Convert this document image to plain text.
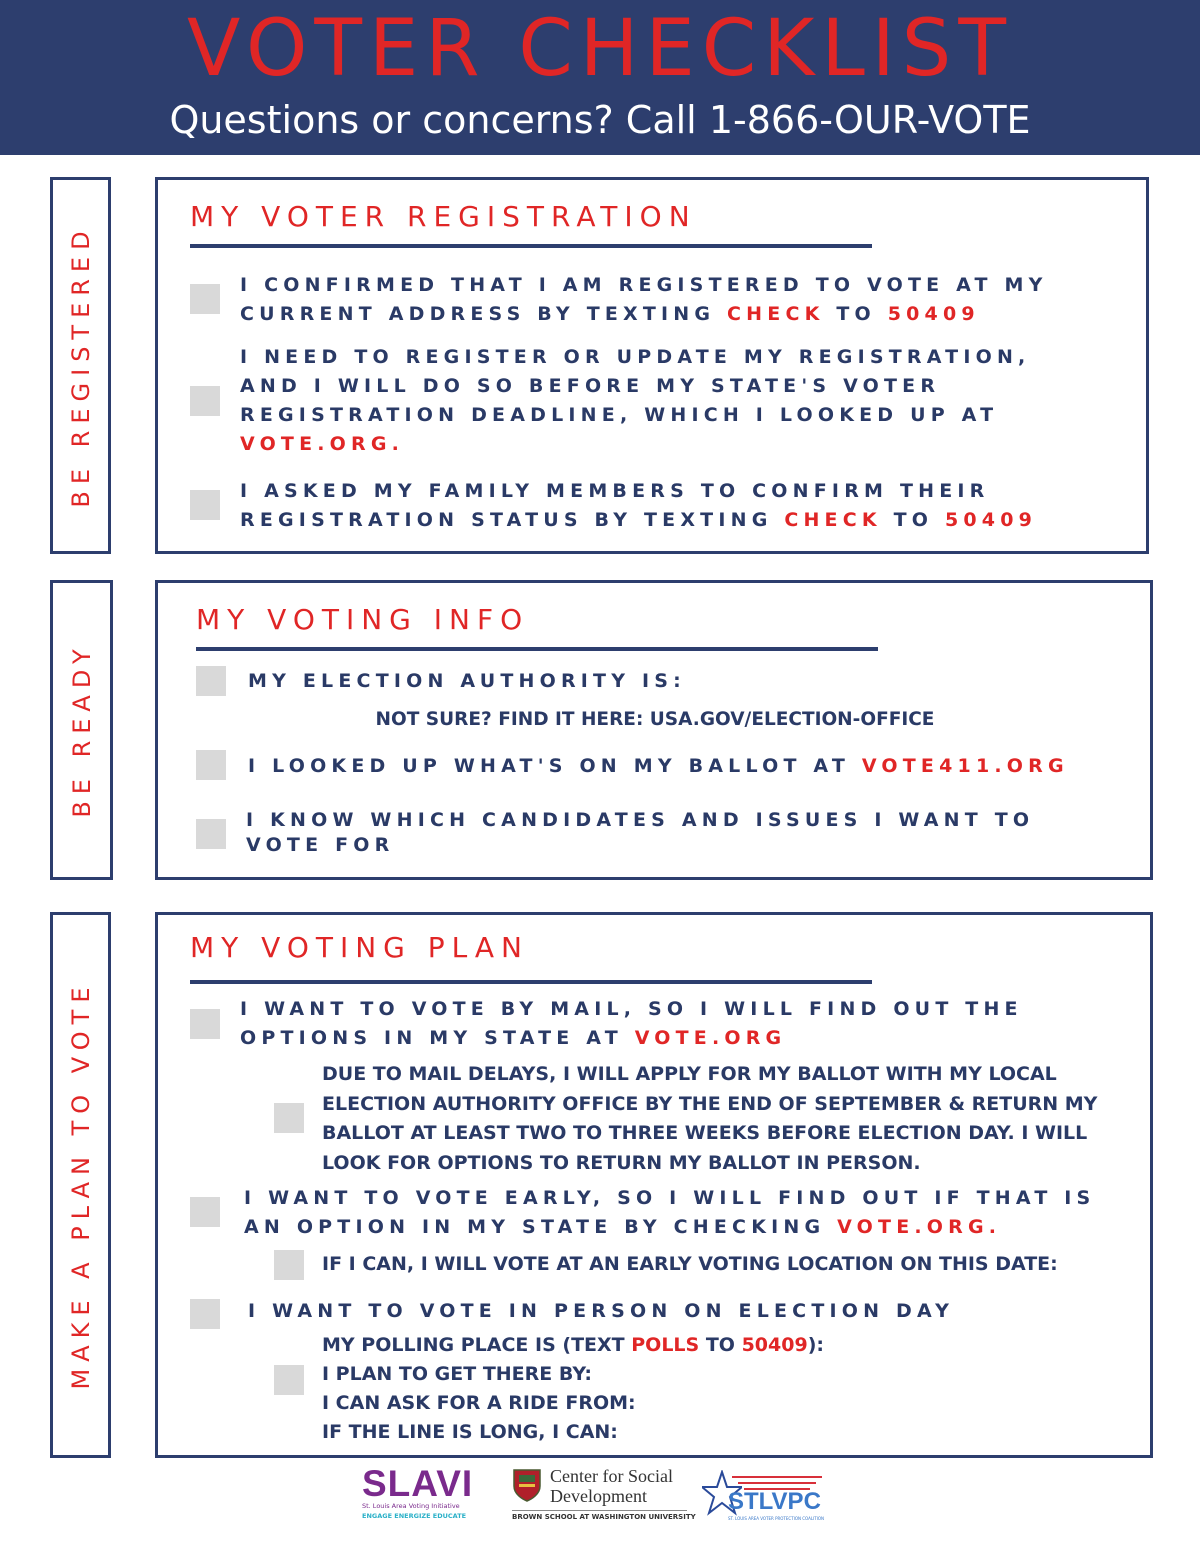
VOTER CHECKLIST
Questions or concerns? Call 1-866-OUR-VOTE
BE REGISTERED
MY VOTER REGISTRATION
I CONFIRMED THAT I AM REGISTERED TO VOTE AT MY CURRENT ADDRESS BY TEXTING CHECK TO 50409
I NEED TO REGISTER OR UPDATE MY REGISTRATION, AND I WILL DO SO BEFORE MY STATE'S VOTER REGISTRATION DEADLINE, WHICH I LOOKED UP AT VOTE.ORG.
I ASKED MY FAMILY MEMBERS TO CONFIRM THEIR REGISTRATION STATUS BY TEXTING CHECK TO 50409
BE READY
MY VOTING INFO
MY ELECTION AUTHORITY IS:
NOT SURE? FIND IT HERE: USA.GOV/ELECTION-OFFICE
I LOOKED UP WHAT'S ON MY BALLOT AT VOTE411.ORG
I KNOW WHICH CANDIDATES AND ISSUES I WANT TO VOTE FOR
MAKE A PLAN TO VOTE
MY VOTING PLAN
I WANT TO VOTE BY MAIL, SO I WILL FIND OUT THE OPTIONS IN MY STATE AT VOTE.ORG
DUE TO MAIL DELAYS, I WILL APPLY FOR MY BALLOT WITH MY LOCAL ELECTION AUTHORITY OFFICE BY THE END OF SEPTEMBER & RETURN MY BALLOT AT LEAST TWO TO THREE WEEKS BEFORE ELECTION DAY. I WILL LOOK FOR OPTIONS TO RETURN MY BALLOT IN PERSON.
I WANT TO VOTE EARLY, SO I WILL FIND OUT IF THAT IS AN OPTION IN MY STATE BY CHECKING VOTE.ORG.
IF I CAN, I WILL VOTE AT AN EARLY VOTING LOCATION ON THIS DATE:
I WANT TO VOTE IN PERSON ON ELECTION DAY
MY POLLING PLACE IS (TEXT POLLS TO 50409):
I PLAN TO GET THERE BY:
I CAN ASK FOR A RIDE FROM:
IF THE LINE IS LONG, I CAN:
SLAVI
St. Louis Area Voting Initiative
ENGAGE ENERGIZE EDUCATE
Center for Social
Development
BROWN SCHOOL AT WASHINGTON UNIVERSITY
STLVPC
ST. LOUIS AREA VOTER PROTECTION COALITION
